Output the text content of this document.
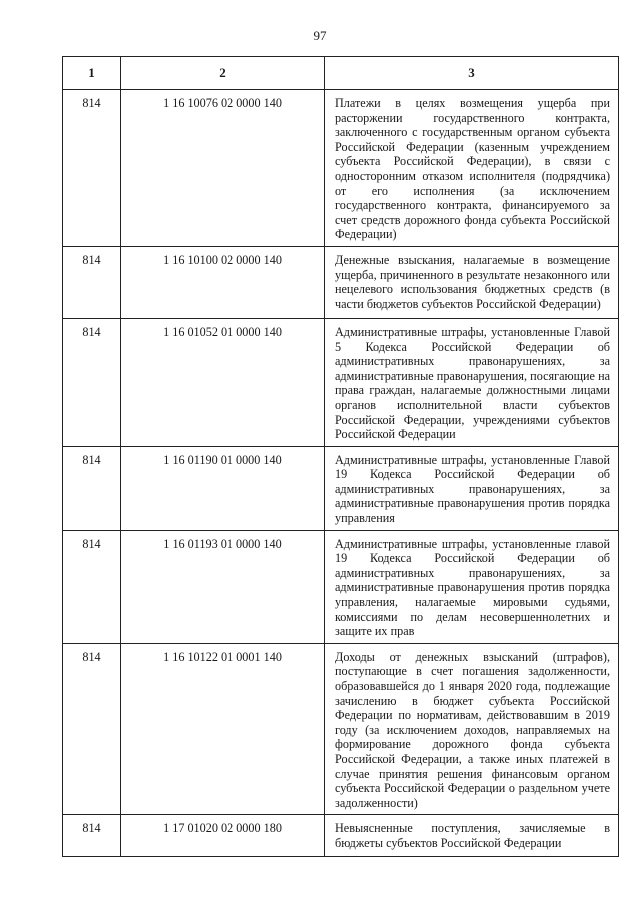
97
1	2	3
814	1 16 10076 02 0000 140	Платежи в целях возмещения ущерба при расторжении государственного контракта, заключенного с государственным органом субъекта Российской Федерации (казенным учреждением субъекта Российской Федерации), в связи с односторонним отказом исполнителя (подрядчика) от его исполнения (за исключением государственного контракта, финансируемого за счет средств дорожного фонда субъекта Российской Федерации)
814	1 16 10100 02 0000 140	Денежные взыскания, налагаемые в возмещение ущерба, причиненного в результате незаконного или нецелевого использования бюджетных средств (в части бюджетов субъектов Российской Федерации)
814	1 16 01052 01 0000 140	Административные штрафы, установленные Главой 5 Кодекса Российской Федерации об административных правонарушениях, за административные правонарушения, посягающие на права граждан, налагаемые должностными лицами органов исполнительной власти субъектов Российской Федерации, учреждениями субъектов Российской Федерации
814	1 16 01190 01 0000 140	Административные штрафы, установленные Главой 19 Кодекса Российской Федерации об административных правонарушениях, за административные правонарушения против порядка управления
814	1 16 01193 01 0000 140	Административные штрафы, установленные главой 19 Кодекса Российской Федерации об административных правонарушениях, за административные правонарушения против порядка управления, налагаемые мировыми судьями, комиссиями по делам несовершеннолетних и защите их прав
814	1 16 10122 01 0001 140	Доходы от денежных взысканий (штрафов), поступающие в счет погашения задолженности, образовавшейся до 1 января 2020 года, подлежащие зачислению в бюджет субъекта Российской Федерации по нормативам, действовавшим в 2019 году (за исключением доходов, направляемых на формирование дорожного фонда субъекта Российской Федерации, а также иных платежей в случае принятия решения финансовым органом субъекта Российской Федерации о раздельном учете задолженности)
814	1 17 01020 02 0000 180	Невыясненные поступления, зачисляемые в бюджеты субъектов Российской Федерации
